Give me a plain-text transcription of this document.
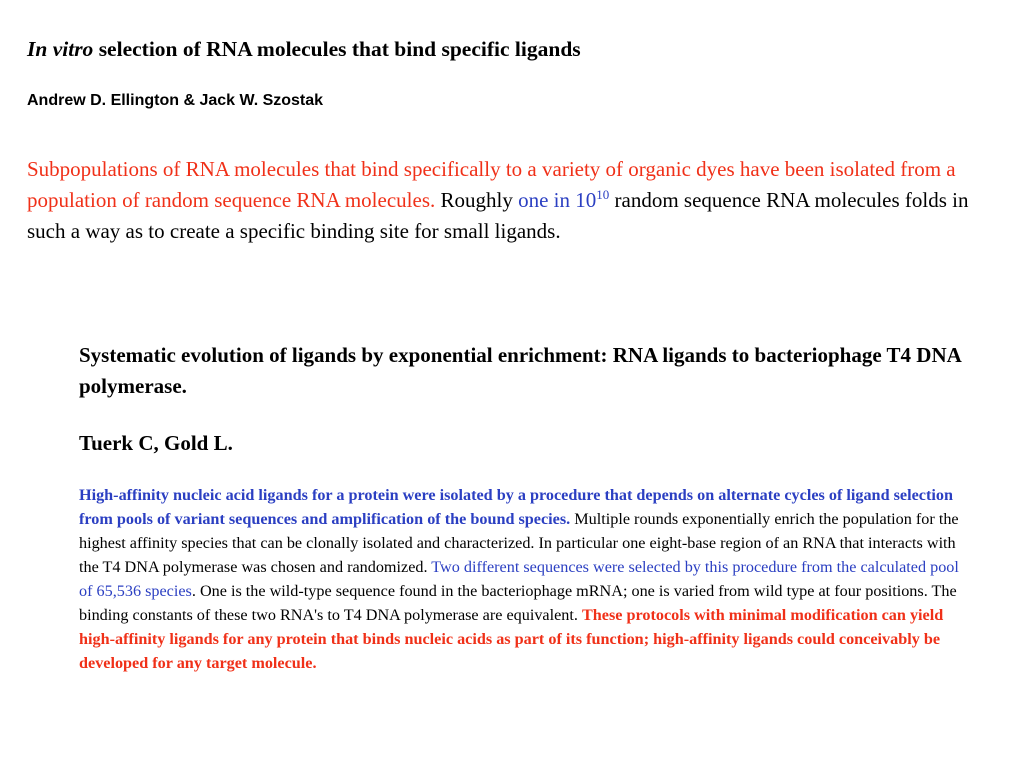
In vitro selection of RNA molecules that bind specific ligands

Andrew D. Ellington & Jack W. Szostak

Subpopulations of RNA molecules that bind specifically to a variety of organic dyes have been isolated from a population of random sequence RNA molecules. Roughly one in $10^{10}$ random sequence RNA molecules folds in such a way as to create a specific binding site for small ligands.

Systematic evolution of ligands by exponential enrichment: RNA ligands to bacteriophage T4 DNA polymerase.

Tuerk C, Gold L.

High-affinity nucleic acid ligands for a protein were isolated by a procedure that depends on alternate cycles of ligand selection from pools of variant sequences and amplification of the bound species. Multiple rounds exponentially enrich the population for the highest affinity species that can be clonally isolated and characterized. In particular one eight-base region of an RNA that interacts with the T4 DNA polymerase was chosen and randomized. Two different sequences were selected by this procedure from the calculated pool of 65,536 species. One is the wild-type sequence found in the bacteriophage mRNA; one is varied from wild type at four positions. The binding constants of these two RNA's to T4 DNA polymerase are equivalent. These protocols with minimal modification can yield high-affinity ligands for any protein that binds nucleic acids as part of its function; high-affinity ligands could conceivably be developed for any target molecule.
